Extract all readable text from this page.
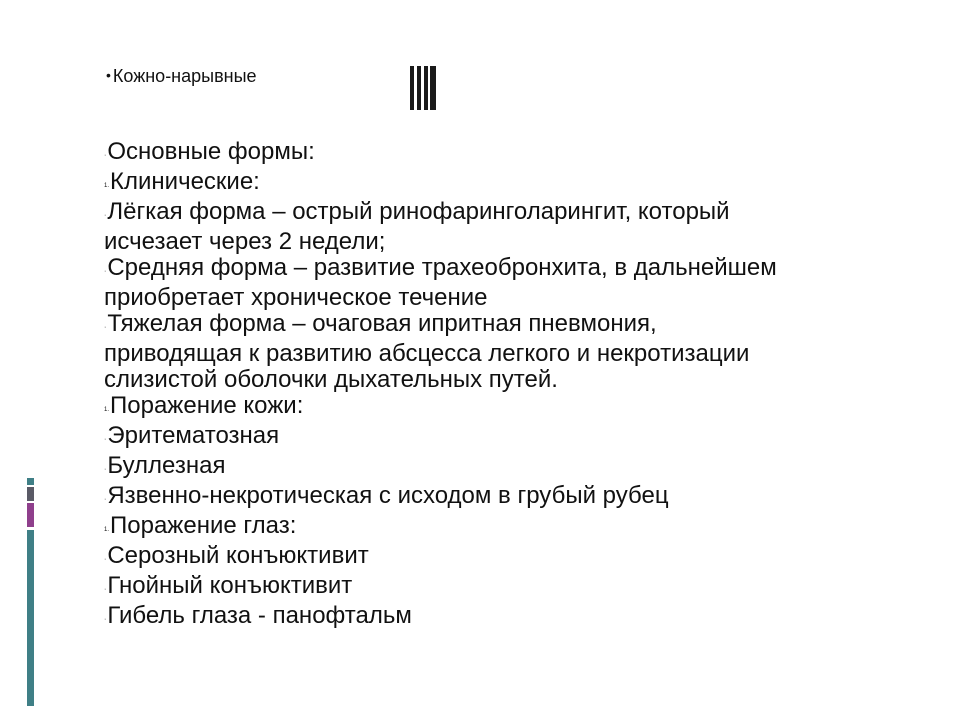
• Кожно-нарывные
·Основные формы:
1.Клинические:
·Лёгкая форма – острый ринофаринголарингит, который
исчезает через 2 недели;
·Средняя форма – развитие трахеобронхита, в дальнейшем
приобретает хроническое течение
·Тяжелая форма – очаговая ипритная пневмония,
приводящая к развитию абсцесса легкого и некротизации
слизистой оболочки дыхательных путей.
1.Поражение кожи:
·Эритематозная
·Буллезная
·Язвенно-некротическая с исходом в грубый рубец
1.Поражение глаз:
·Серозный конъюктивит
·Гнойный конъюктивит
·Гибель глаза - панофтальм
